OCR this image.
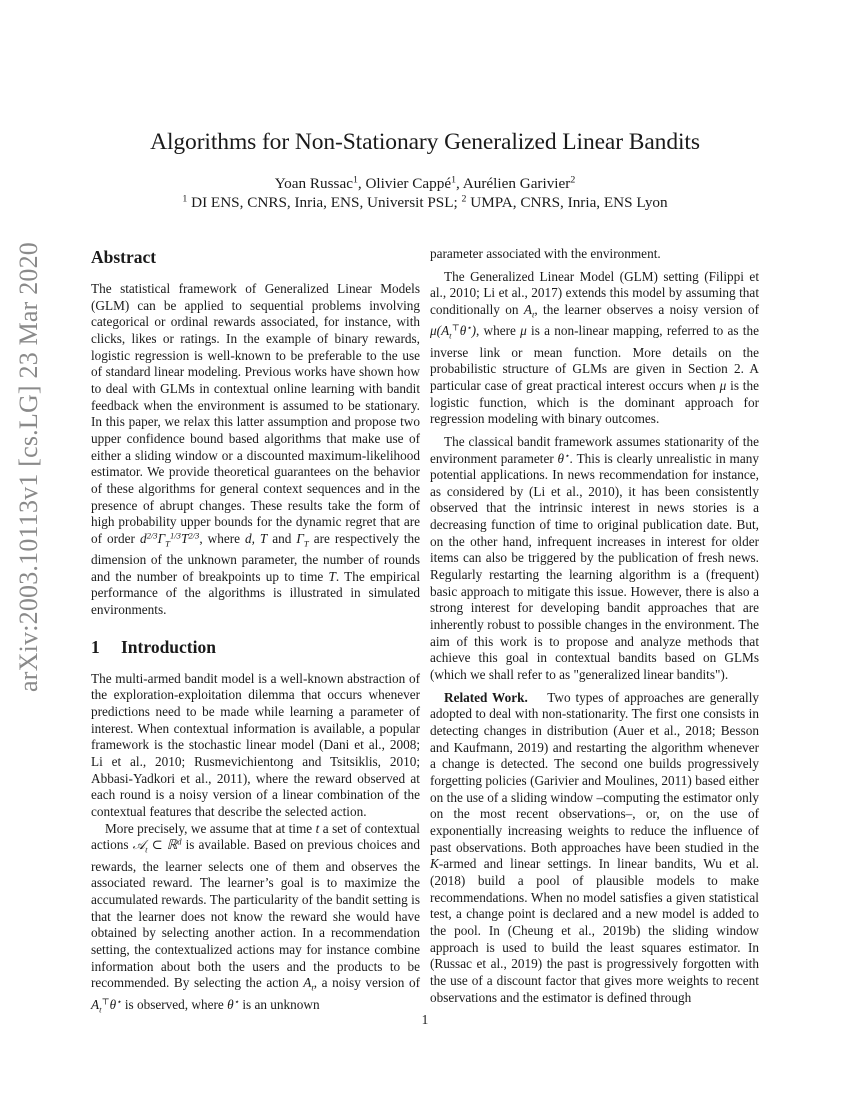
arXiv:2003.10113v1 [cs.LG] 23 Mar 2020
Algorithms for Non-Stationary Generalized Linear Bandits
Yoan Russac$^1$, Olivier Cappé$^1$, Aurélien Garivier$^2$
$^1$ DI ENS, CNRS, Inria, ENS, Universit PSL; $^2$ UMPA, CNRS, Inria, ENS Lyon
Abstract

The statistical framework of Generalized Linear Models (GLM) can be applied to sequential problems involving categorical or ordinal rewards associated, for instance, with clicks, likes or ratings. In the example of binary rewards, logistic regression is well-known to be preferable to the use of standard linear modeling. Previous works have shown how to deal with GLMs in contextual online learning with bandit feedback when the environment is assumed to be stationary. In this paper, we relax this latter assumption and propose two upper confidence bound based algorithms that make use of either a sliding window or a discounted maximum-likelihood estimator. We provide theoretical guarantees on the behavior of these algorithms for general context sequences and in the presence of abrupt changes. These results take the form of high probability upper bounds for the dynamic regret that are of order $d^{2/3}\Gamma_T^{1/3}T^{2/3}$, where d, T and $\Gamma_T$ are respectively the dimension of the unknown parameter, the number of rounds and the number of breakpoints up to time T. The empirical performance of the algorithms is illustrated in simulated environments.

1 Introduction

The multi-armed bandit model is a well-known abstraction of the exploration-exploitation dilemma that occurs whenever predictions need to be made while learning a parameter of interest. When contextual information is available, a popular framework is the stochastic linear model (Dani et al., 2008; Li et al., 2010; Rusmevichientong and Tsitsiklis, 2010; Abbasi-Yadkori et al., 2011), where the reward observed at each round is a noisy version of a linear combination of the contextual features that describe the selected action.

More precisely, we assume that at time t a set of contextual actions 𝒜$_t$ ⊂ ℝ$^d$ is available. Based on previous choices and rewards, the learner selects one of them and observes the associated reward. The learner’s goal is to maximize the accumulated rewards. The particularity of the bandit setting is that the learner does not know the reward she would have obtained by selecting another action. In a recommendation setting, the contextualized actions may for instance combine information about both the users and the products to be recommended. By selecting the action $A_t$, a noisy version of $A_t^⊤\theta^⋆$ is observed, where θ⋆ is an unknown

parameter associated with the environment.

The Generalized Linear Model (GLM) setting (Filippi et al., 2010; Li et al., 2017) extends this model by assuming that conditionally on $A_t$, the learner observes a noisy version of $\mu(A_t^⊤\theta^⋆)$, where μ is a non-linear mapping, referred to as the inverse link or mean function. More details on the probabilistic structure of GLMs are given in Section 2. A particular case of great practical interest occurs when μ is the logistic function, which is the dominant approach for regression modeling with binary outcomes.

The classical bandit framework assumes stationarity of the environment parameter θ⋆. This is clearly unrealistic in many potential applications. In news recommendation for instance, as considered by (Li et al., 2010), it has been consistently observed that the intrinsic interest in news stories is a decreasing function of time to original publication date. But, on the other hand, infrequent increases in interest for older items can also be triggered by the publication of fresh news. Regularly restarting the learning algorithm is a (frequent) basic approach to mitigate this issue. However, there is also a strong interest for developing bandit approaches that are inherently robust to possible changes in the environment. The aim of this work is to propose and analyze methods that achieve this goal in contextual bandits based on GLMs (which we shall refer to as "generalized linear bandits").

Related Work. Two types of approaches are generally adopted to deal with non-stationarity. The first one consists in detecting changes in distribution (Auer et al., 2018; Besson and Kaufmann, 2019) and restarting the algorithm whenever a change is detected. The second one builds progressively forgetting policies (Garivier and Moulines, 2011) based either on the use of a sliding window –computing the estimator only on the most recent observations–, or, on the use of exponentially increasing weights to reduce the influence of past observations. Both approaches have been studied in the K-armed and linear settings. In linear bandits, Wu et al. (2018) build a pool of plausible models to make recommendations. When no model satisfies a given statistical test, a change point is declared and a new model is added to the pool. In (Cheung et al., 2019b) the sliding window approach is used to build the least squares estimator. In (Russac et al., 2019) the past is progressively forgotten with the use of a discount factor that gives more weights to recent observations and the estimator is defined through

1
